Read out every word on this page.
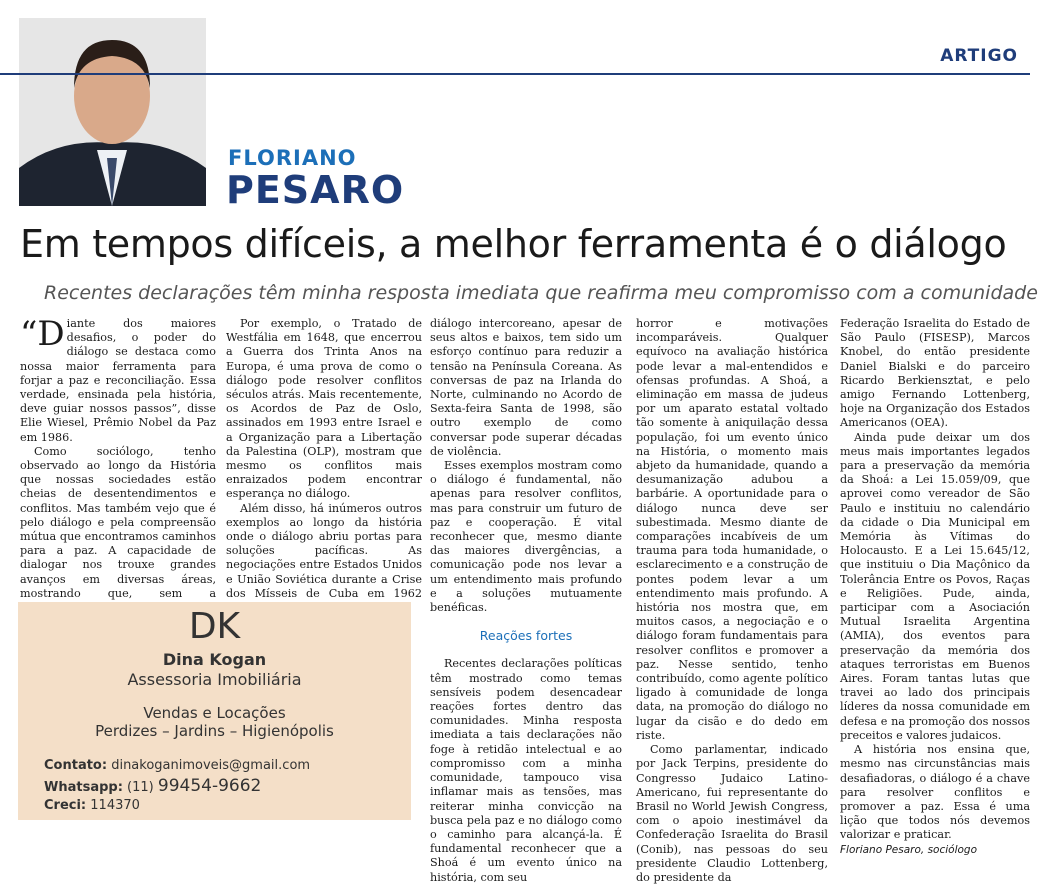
ARTIGO
FLORIANO
PESARO
Em tempos difíceis, a melhor ferramenta é o diálogo
Recentes declarações têm minha resposta imediata que reafirma meu compromisso com a comunidade

“Diante dos maiores desafios, o poder do diálogo se destaca como nossa maior ferramenta para forjar a paz e reconciliação. Essa verdade, ensinada pela história, deve guiar nossos passos”, disse Elie Wiesel, Prêmio Nobel da Paz em 1986.

Como sociólogo, tenho observado ao longo da História que nossas sociedades estão cheias de desentendimentos e conflitos. Mas também vejo que é pelo diálogo e pela compreensão mútua que encontramos caminhos para a paz. A capacidade de dialogar nos trouxe grandes avanços em diversas áreas, mostrando que, sem a

Por exemplo, o Tratado de Westfália em 1648, que encerrou a Guerra dos Trinta Anos na Europa, é uma prova de como o diálogo pode resolver conflitos séculos atrás. Mais recentemente, os Acordos de Paz de Oslo, assinados em 1993 entre Israel e a Organização para a Libertação da Palestina (OLP), mostram que mesmo os conflitos mais enraizados podem encontrar esperança no diálogo.

Além disso, há inúmeros outros exemplos ao longo da história onde o diálogo abriu portas para soluções pacíficas. As negociações entre Estados Unidos e União Soviética durante a Crise dos Mísseis de Cuba em 1962

diálogo intercoreano, apesar de seus altos e baixos, tem sido um esforço contínuo para reduzir a tensão na Península Coreana. As conversas de paz na Irlanda do Norte, culminando no Acordo de Sexta-feira Santa de 1998, são outro exemplo de como conversar pode superar décadas de violência.

Esses exemplos mostram como o diálogo é fundamental, não apenas para resolver conflitos, mas para construir um futuro de paz e cooperação. É vital reconhecer que, mesmo diante das maiores divergências, a comunicação pode nos levar a um entendimento mais profundo e a soluções mutuamente benéficas.

Reações fortes

Recentes declarações políticas têm mostrado como temas sensíveis podem desencadear reações fortes dentro das comunidades. Minha resposta imediata a tais declarações não foge à retidão intelectual e ao compromisso com a minha comunidade, tampouco visa inflamar mais as tensões, mas reiterar minha convicção na busca pela paz e no diálogo como o caminho para alcançá-la. É fundamental reconhecer que a Shoá é um evento único na história, com seu

horror e motivações incomparáveis. Qualquer equívoco na avaliação histórica pode levar a mal-entendidos e ofensas profundas. A Shoá, a eliminação em massa de judeus por um aparato estatal voltado tão somente à aniquilação dessa população, foi um evento único na História, o momento mais abjeto da humanidade, quando a desumanização adubou a barbárie. A oportunidade para o diálogo nunca deve ser subestimada. Mesmo diante de comparações incabíveis de um trauma para toda humanidade, o esclarecimento e a construção de pontes podem levar a um entendimento mais profundo. A história nos mostra que, em muitos casos, a negociação e o diálogo foram fundamentais para resolver conflitos e promover a paz. Nesse sentido, tenho contribuído, como agente político ligado à comunidade de longa data, na promoção do diálogo no lugar da cisão e do dedo em riste.

Como parlamentar, indicado por Jack Terpins, presidente do Congresso Judaico Latino-Americano, fui representante do Brasil no World Jewish Congress, com o apoio inestimável da Confederação Israelita do Brasil (Conib), nas pessoas do seu presidente Claudio Lottenberg, do presidente da

Federação Israelita do Estado de São Paulo (FISESP), Marcos Knobel, do então presidente Daniel Bialski e do parceiro Ricardo Berkiensztat, e pelo amigo Fernando Lottenberg, hoje na Organização dos Estados Americanos (OEA).

Ainda pude deixar um dos meus mais importantes legados para a preservação da memória da Shoá: a Lei 15.059/09, que aprovei como vereador de São Paulo e instituiu no calendário da cidade o Dia Municipal em Memória às Vítimas do Holocausto. E a Lei 15.645/12, que instituiu o Dia Maçônico da Tolerância Entre os Povos, Raças e Religiões. Pude, ainda, participar com a Asociación Mutual Israelita Argentina (AMIA), dos eventos para preservação da memória dos ataques terroristas em Buenos Aires. Foram tantas lutas que travei ao lado dos principais líderes da nossa comunidade em defesa e na promoção dos nossos preceitos e valores judaicos.

A história nos ensina que, mesmo nas circunstâncias mais desafiadoras, o diálogo é a chave para resolver conflitos e promover a paz. Essa é uma lição que todos nós devemos valorizar e praticar.

Floriano Pesaro, sociólogo

DK
Dina Kogan
Assessoria Imobiliária
Vendas e Locações
Perdizes – Jardins – Higienópolis
Contato: dinakoganimoveis@gmail.com
Whatsapp: (11) 99454-9662
Creci: 114370
